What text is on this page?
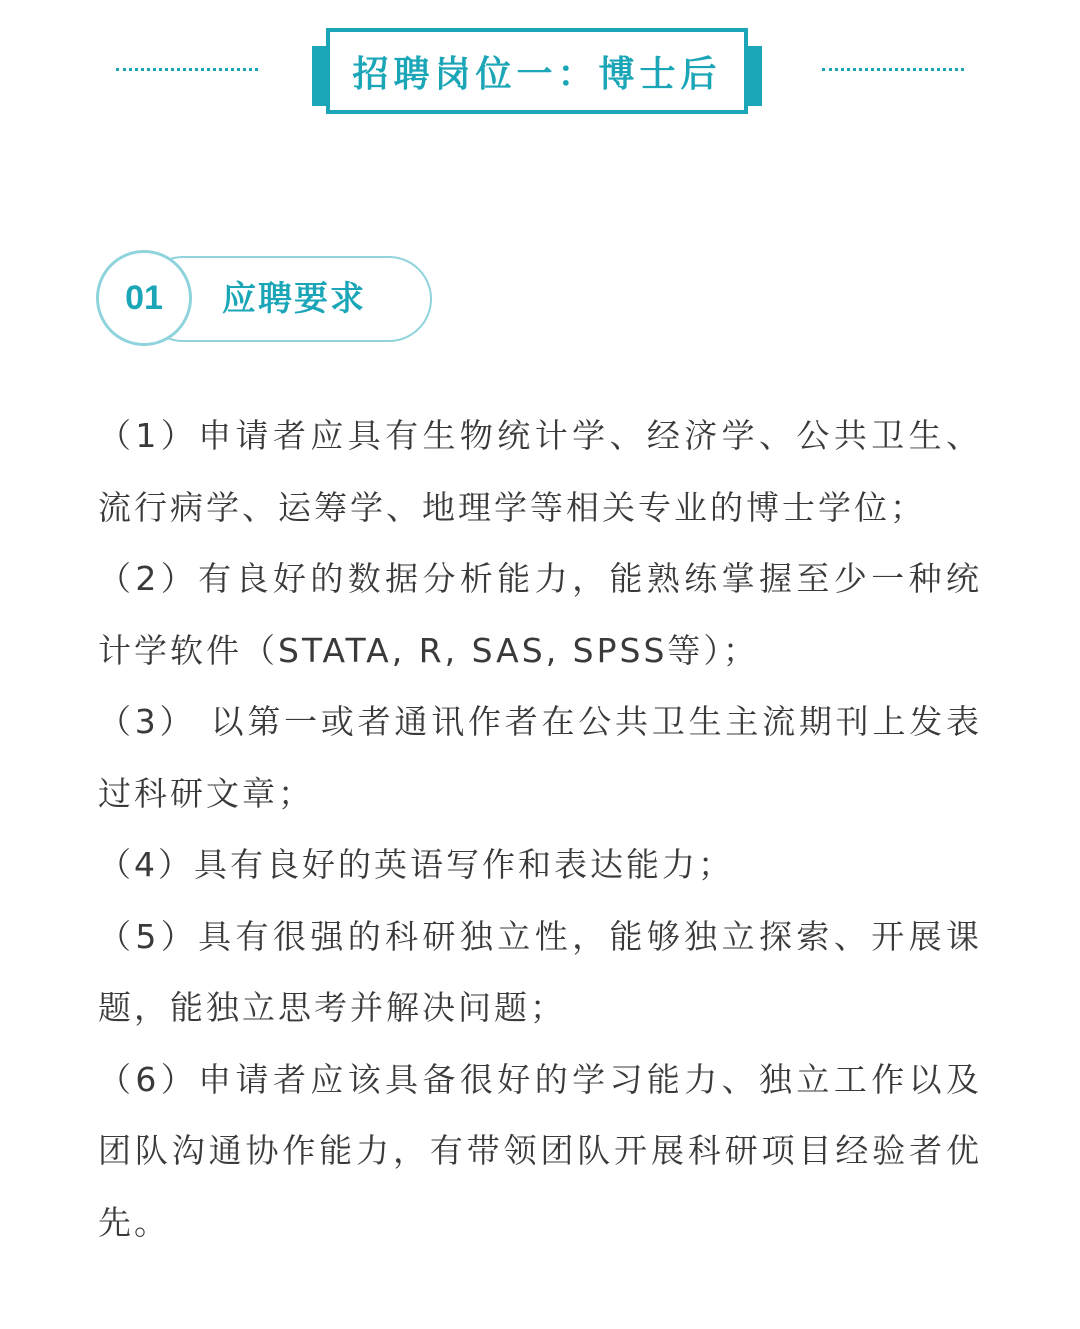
招聘岗位一：博士后
应聘要求
01

（1）申请者应具有生物统计学、经济学、公共卫生、流行病学、运筹学、地理学等相关专业的博士学位；

（2）有良好的数据分析能力，能熟练掌握至少一种统计学软件（STATA, R, SAS, SPSS等）；

（3） 以第一或者通讯作者在公共卫生主流期刊上发表过科研文章；

（4）具有良好的英语写作和表达能力；

（5）具有很强的科研独立性，能够独立探索、开展课题，能独立思考并解决问题；

（6）申请者应该具备很好的学习能力、独立工作以及团队沟通协作能力，有带领团队开展科研项目经验者优先。
